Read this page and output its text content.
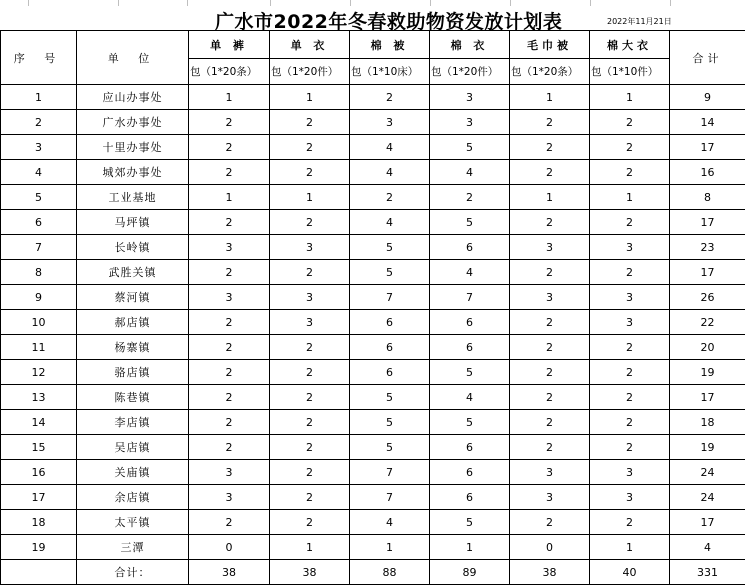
广水市2022年冬春救助物资发放计划表	2022年11月21日
序 号	单 位	单 裤	单 衣	棉 被	棉 衣	毛巾被	棉大衣	合计
		包（1*20条）	包（1*20件）	包（1*10床）	包（1*20件）	包（1*20条）	包（1*10件）	
1	应山办事处	1	1	2	3	1	1	9
2	广水办事处	2	2	3	3	2	2	14
3	十里办事处	2	2	4	5	2	2	17
4	城郊办事处	2	2	4	4	2	2	16
5	工业基地	1	1	2	2	1	1	8
6	马坪镇	2	2	4	5	2	2	17
7	长岭镇	3	3	5	6	3	3	23
8	武胜关镇	2	2	5	4	2	2	17
9	蔡河镇	3	3	7	7	3	3	26
10	郝店镇	2	3	6	6	2	3	22
11	杨寨镇	2	2	6	6	2	2	20
12	骆店镇	2	2	6	5	2	2	19
13	陈巷镇	2	2	5	4	2	2	17
14	李店镇	2	2	5	5	2	2	18
15	吴店镇	2	2	5	6	2	2	19
16	关庙镇	3	2	7	6	3	3	24
17	余店镇	3	2	7	6	3	3	24
18	太平镇	2	2	4	5	2	2	17
19	三潭	0	1	1	1	0	1	4
	合计：	38	38	88	89	38	40	331
